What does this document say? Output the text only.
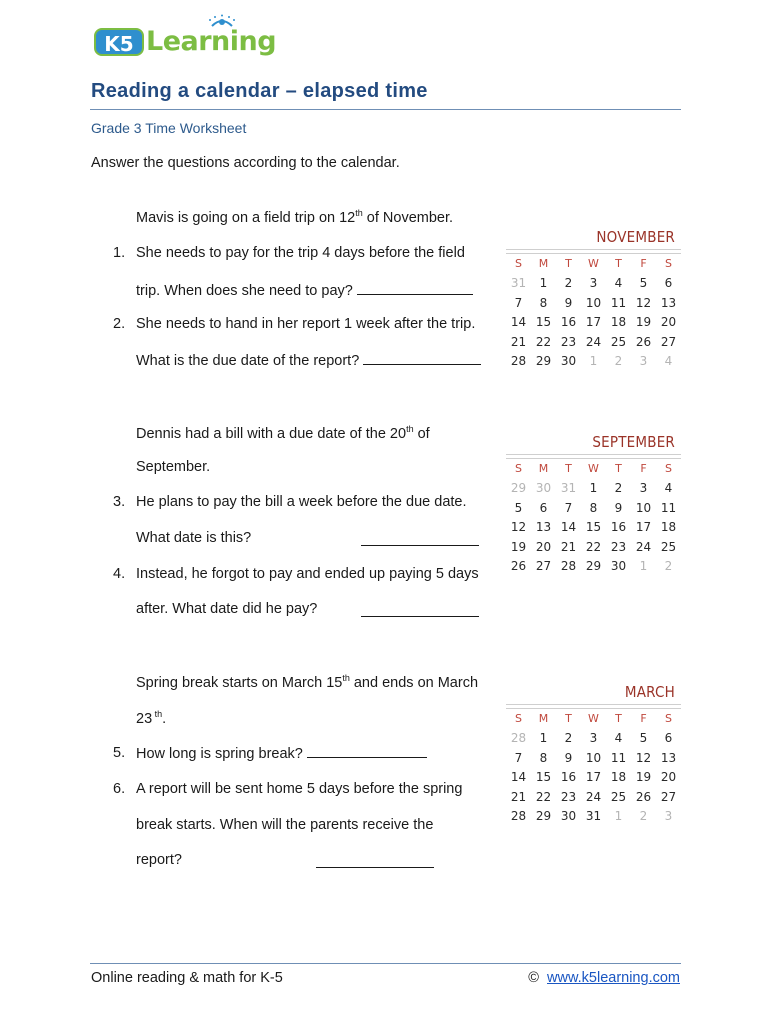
K5 Learning
Reading a calendar – elapsed time
Grade 3 Time Worksheet
Answer the questions according to the calendar.
Mavis is going on a field trip on 12th of November.
1. She needs to pay for the trip 4 days before the field
trip. When does she need to pay?
2. She needs to hand in her report 1 week after the trip.
What is the due date of the report?
Dennis had a bill with a due date of the 20th of
September.
3. He plans to pay the bill a week before the due date.
What date is this?
4. Instead, he forgot to pay and ended up paying 5 days
after. What date did he pay?
Spring break starts on March 15th and ends on March
23 $^{th}$.
5. How long is spring break?
6. A report will be sent home 5 days before the spring
break starts. When will the parents receive the
report?
NOVEMBER
S	M	T	W	T	F	S
31	1	2	3	4	5	6
7	8	9	10 11 12 13
14 15 16 17 18 19 20
21 22 23 24 25 26 27
28 29 30	1	2	3	4
SEPTEMBER
S	M	T	W	T	F	S
29 30 31	1	2	3	4
5	6	7	8	9	10 11
12 13 14 15 16 17 18
19 20 21 22 23 24 25
26 27 28 29 30	1	2
MARCH
S	M	T	W	T	F	S
28	1	2	3	4	5	6
7	8	9	10 11 12 13
14 15 16 17 18 19 20
21 22 23 24 25 26 27
28 29 30 31	1	2	3
Online reading & math for K-5	© www.k5learning.com
